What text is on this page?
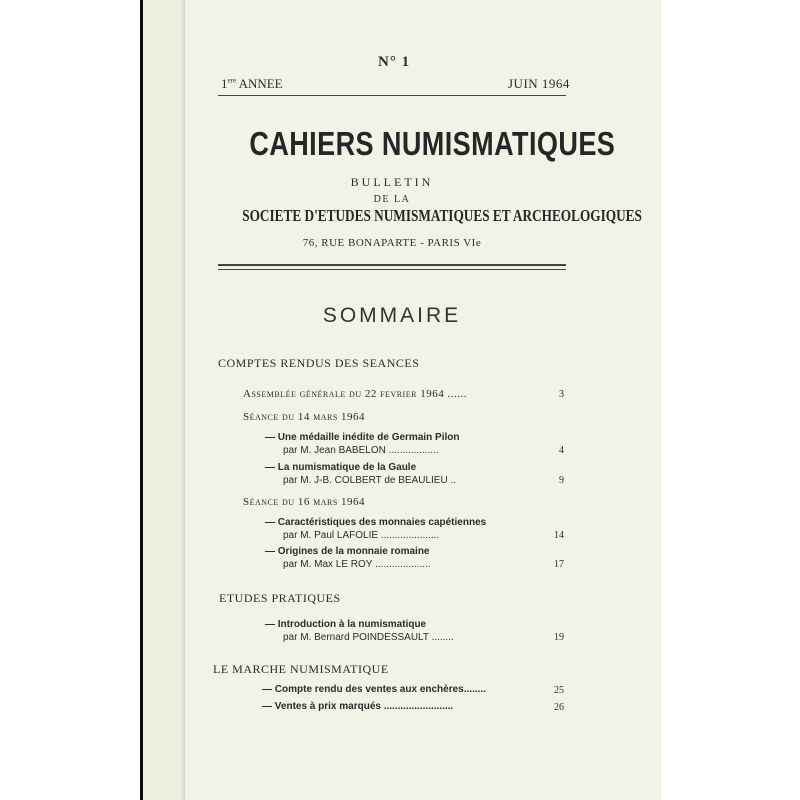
N° 1
1ere ANNEE	JUIN 1964
CAHIERS NUMISMATIQUES
BULLETIN
DE LA
SOCIETE D'ETUDES NUMISMATIQUES ET ARCHEOLOGIQUES
76, RUE BONAPARTE - PARIS VIe
SOMMAIRE
COMPTES RENDUS DES SEANCES
Assemblée générale du 22 fevrier 1964 ......	3
Séance du 14 mars 1964
— Une médaille inédite de Germain Pilon
par M. Jean BABELON ..................	4
— La numismatique de la Gaule
par M. J-B. COLBERT de BEAULIEU ..	9
Séance du 16 mars 1964
— Caractéristiques des monnaies capétiennes
par M. Paul LAFOLIE .....................	14
— Origines de la monnaie romaine
par M. Max LE ROY ....................	17
ETUDES PRATIQUES
— Introduction à la numismatique
par M. Bernard POINDESSAULT ........	19
LE MARCHE NUMISMATIQUE
— Compte rendu des ventes aux enchères........	25
— Ventes à prix marqués .........................	26
